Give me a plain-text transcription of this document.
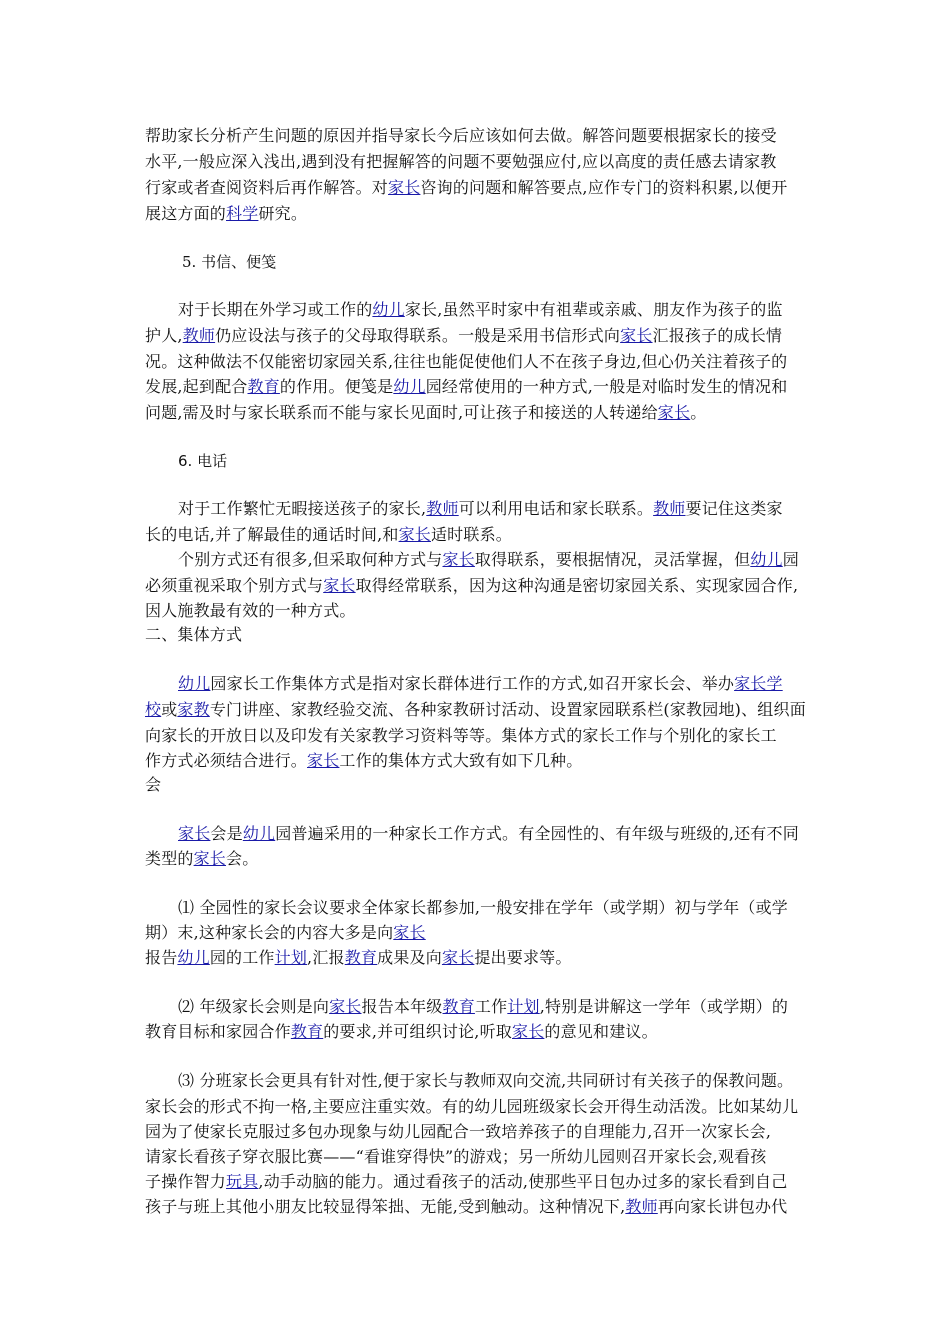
帮助家长分析产生问题的原因并指导家长今后应该如何去做。解答问题要根据家长的接受
水平,一般应深入浅出,遇到没有把握解答的问题不要勉强应付,应以高度的责任感去请家教
行家或者查阅资料后再作解答。对家长咨询的问题和解答要点,应作专门的资料积累,以便开
展这方面的科学研究。
5. 书信、便笺
对于长期在外学习或工作的幼儿家长,虽然平时家中有祖辈或亲戚、朋友作为孩子的监
护人,教师仍应设法与孩子的父母取得联系。一般是采用书信形式向家长汇报孩子的成长情
况。这种做法不仅能密切家园关系,往往也能促使他们人不在孩子身边,但心仍关注着孩子的
发展,起到配合教育的作用。便笺是幼儿园经常使用的一种方式,一般是对临时发生的情况和
问题,需及时与家长联系而不能与家长见面时,可让孩子和接送的人转递给家长。
6. 电话
对于工作繁忙无暇接送孩子的家长,教师可以利用电话和家长联系。教师要记住这类家
长的电话,并了解最佳的通话时间,和家长适时联系。
个别方式还有很多,但采取何种方式与家长取得联系，要根据情况，灵活掌握，但幼儿园
必须重视采取个别方式与家长取得经常联系，因为这种沟通是密切家园关系、实现家园合作,
因人施教最有效的一种方式。
二、集体方式
幼儿园家长工作集体方式是指对家长群体进行工作的方式,如召开家长会、举办家长学
校或家教专门讲座、家教经验交流、各种家教研讨活动、设置家园联系栏(家教园地)、组织面
向家长的开放日以及印发有关家教学习资料等等。集体方式的家长工作与个别化的家长工
作方式必须结合进行。家长工作的集体方式大致有如下几种。
会
家长会是幼儿园普遍采用的一种家长工作方式。有全园性的、有年级与班级的,还有不同
类型的家长会。
⑴ 全园性的家长会议要求全体家长都参加,一般安排在学年（或学期）初与学年（或学
期）末,这种家长会的内容大多是向家长
报告幼儿园的工作计划,汇报教育成果及向家长提出要求等。
⑵ 年级家长会则是向家长报告本年级教育工作计划,特别是讲解这一学年（或学期）的
教育目标和家园合作教育的要求,并可组织讨论,听取家长的意见和建议。
⑶ 分班家长会更具有针对性,便于家长与教师双向交流,共同研讨有关孩子的保教问题。
家长会的形式不拘一格,主要应注重实效。有的幼儿园班级家长会开得生动活泼。比如某幼儿
园为了使家长克服过多包办现象与幼儿园配合一致培养孩子的自理能力,召开一次家长会,
请家长看孩子穿衣服比赛——“看谁穿得快”的游戏；另一所幼儿园则召开家长会,观看孩
子操作智力玩具,动手动脑的能力。通过看孩子的活动,使那些平日包办过多的家长看到自己
孩子与班上其他小朋友比较显得笨拙、无能,受到触动。这种情况下,教师再向家长讲包办代
